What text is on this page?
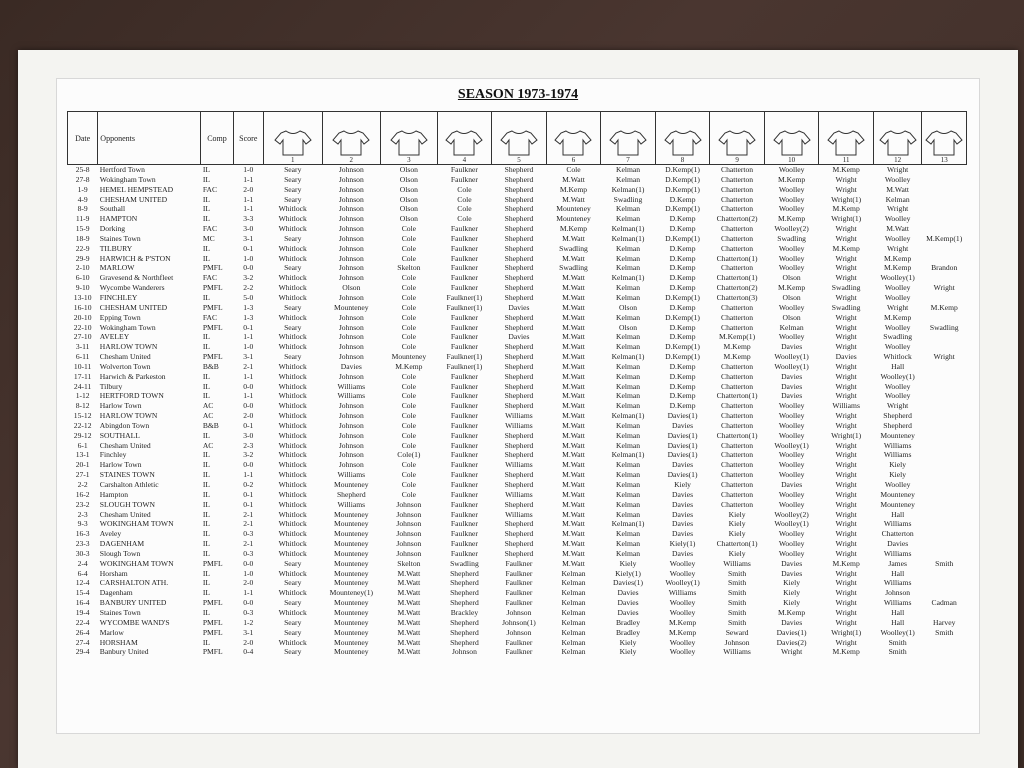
SEASON 1973-1974
Date	Opponents	Comp	Score	1	2	3	4	5	6	7	8	9	10	11	12	13

25-8	Hertford Town	IL	1-0	Seary	Johnson	Olson	Faulkner	Shepherd	Cole	Kelman	D.Kemp(1)	Chatterton	Woolley	M.Kemp	Wright	
27-8	Wokingham Town	IL	1-1	Seary	Johnson	Olson	Faulkner	Shepherd	M.Watt	Kelman	D.Kemp(1)	Chatterton	M.Kemp	Wright	Woolley	
1-9	HEMEL HEMPSTEAD	FAC	2-0	Seary	Johnson	Olson	Cole	Shepherd	M.Kemp	Kelman(1)	D.Kemp(1)	Chatterton	Woolley	Wright	M.Watt	
4-9	CHESHAM UNITED	IL	1-1	Seary	Johnson	Olson	Cole	Shepherd	M.Watt	Swadling	D.Kemp	Chatterton	Woolley	Wright(1)	Kelman	
8-9	Southall	IL	1-1	Whitlock	Johnson	Olson	Cole	Shepherd	Mounteney	Kelman	D.Kemp(1)	Chatterton	Woolley	M.Kemp	Wright	
11-9	HAMPTON	IL	3-3	Whitlock	Johnson	Olson	Cole	Shepherd	Mounteney	Kelman	D.Kemp	Chatterton(2)	M.Kemp	Wright(1)	Woolley	
15-9	Dorking	FAC	3-0	Whitlock	Johnson	Cole	Faulkner	Shepherd	M.Kemp	Kelman(1)	D.Kemp	Chatterton	Woolley(2)	Wright	M.Watt	
18-9	Staines Town	MC	3-1	Seary	Johnson	Cole	Faulkner	Shepherd	M.Watt	Kelman(1)	D.Kemp(1)	Chatterton	Swadling	Wright	Woolley	M.Kemp(1)
22-9	TILBURY	IL	0-1	Whitlock	Johnson	Cole	Faulkner	Shepherd	Swadling	Kelman	D.Kemp	Chatterton	Woolley	M.Kemp	Wright	
29-9	HARWICH & P'STON	IL	1-0	Whitlock	Johnson	Cole	Faulkner	Shepherd	M.Watt	Kelman	D.Kemp	Chatterton(1)	Woolley	Wright	M.Kemp	
2-10	MARLOW	PMFL	0-0	Seary	Johnson	Skelton	Faulkner	Shepherd	Swadling	Kelman	D.Kemp	Chatterton	Woolley	Wright	M.Kemp	Brandon
6-10	Gravesend & Northfleet	FAC	3-2	Whitlock	Johnson	Cole	Faulkner	Shepherd	M.Watt	Kelman(1)	D.Kemp	Chatterton(1)	Olson	Wright	Woolley(1)	
9-10	Wycombe Wanderers	PMFL	2-2	Whitlock	Olson	Cole	Faulkner	Shepherd	M.Watt	Kelman	D.Kemp	Chatterton(2)	M.Kemp	Swadling	Woolley	Wright
13-10	FINCHLEY	IL	5-0	Whitlock	Johnson	Cole	Faulkner(1)	Shepherd	M.Watt	Kelman	D.Kemp(1)	Chatterton(3)	Olson	Wright	Woolley	
16-10	CHESHAM UNITED	PMFL	1-3	Seary	Mounteney	Cole	Faulkner(1)	Davies	M.Watt	Olson	D.Kemp	Chatterton	Woolley	Swadling	Wright	M.Kemp
20-10	Epping Town	FAC	1-3	Whitlock	Johnson	Cole	Faulkner	Shepherd	M.Watt	Kelman	D.Kemp(1)	Chatterton	Olson	Wright	M.Kemp	
22-10	Wokingham Town	PMFL	0-1	Seary	Johnson	Cole	Faulkner	Shepherd	M.Watt	Olson	D.Kemp	Chatterton	Kelman	Wright	Woolley	Swadling
27-10	AVELEY	IL	1-1	Whitlock	Johnson	Cole	Faulkner	Davies	M.Watt	Kelman	D.Kemp	M.Kemp(1)	Woolley	Wright	Swadling	
3-11	HARLOW TOWN	IL	1-0	Whitlock	Johnson	Cole	Faulkner	Shepherd	M.Watt	Kelman	D.Kemp(1)	M.Kemp	Davies	Wright	Woolley	
6-11	Chesham United	PMFL	3-1	Seary	Johnson	Mounteney	Faulkner(1)	Shepherd	M.Watt	Kelman(1)	D.Kemp(1)	M.Kemp	Woolley(1)	Davies	Whitlock	Wright
10-11	Wolverton Town	B&B	2-1	Whitlock	Davies	M.Kemp	Faulkner(1)	Shepherd	M.Watt	Kelman	D.Kemp	Chatterton	Woolley(1)	Wright	Hall	
17-11	Harwich & Parkeston	IL	1-1	Whitlock	Johnson	Cole	Faulkner	Shepherd	M.Watt	Kelman	D.Kemp	Chatterton	Davies	Wright	Woolley(1)	
24-11	Tilbury	IL	0-0	Whitlock	Williams	Cole	Faulkner	Shepherd	M.Watt	Kelman	D.Kemp	Chatterton	Davies	Wright	Woolley	
1-12	HERTFORD TOWN	IL	1-1	Whitlock	Williams	Cole	Faulkner	Shepherd	M.Watt	Kelman	D.Kemp	Chatterton(1)	Davies	Wright	Woolley	
8-12	Harlow Town	AC	0-0	Whitlock	Johnson	Cole	Faulkner	Shepherd	M.Watt	Kelman	D.Kemp	Chatterton	Woolley	Williams	Wright	
15-12	HARLOW TOWN	AC	2-0	Whitlock	Johnson	Cole	Faulkner	Williams	M.Watt	Kelman(1)	Davies(1)	Chatterton	Woolley	Wright	Shepherd	
22-12	Abingdon Town	B&B	0-1	Whitlock	Johnson	Cole	Faulkner	Williams	M.Watt	Kelman	Davies	Chatterton	Woolley	Wright	Shepherd	
29-12	SOUTHALL	IL	3-0	Whitlock	Johnson	Cole	Faulkner	Shepherd	M.Watt	Kelman	Davies(1)	Chatterton(1)	Woolley	Wright(1)	Mounteney	
6-1	Chesham United	AC	2-3	Whitlock	Johnson	Cole	Faulkner	Shepherd	M.Watt	Kelman	Davies(1)	Chatterton	Woolley(1)	Wright	Williams	
13-1	Finchley	IL	3-2	Whitlock	Johnson	Cole(1)	Faulkner	Shepherd	M.Watt	Kelman(1)	Davies(1)	Chatterton	Woolley	Wright	Williams	
20-1	Harlow Town	IL	0-0	Whitlock	Johnson	Cole	Faulkner	Williams	M.Watt	Kelman	Davies	Chatterton	Woolley	Wright	Kiely	
27-1	STAINES TOWN	IL	1-1	Whitlock	Williams	Cole	Faulkner	Shepherd	M.Watt	Kelman	Davies(1)	Chatterton	Woolley	Wright	Kiely	
2-2	Carshalton Athletic	IL	0-2	Whitlock	Mounteney	Cole	Faulkner	Shepherd	M.Watt	Kelman	Kiely	Chatterton	Davies	Wright	Woolley	
16-2	Hampton	IL	0-1	Whitlock	Shepherd	Cole	Faulkner	Williams	M.Watt	Kelman	Davies	Chatterton	Woolley	Wright	Mounteney	
23-2	SLOUGH TOWN	IL	0-1	Whitlock	Williams	Johnson	Faulkner	Shepherd	M.Watt	Kelman	Davies	Chatterton	Woolley	Wright	Mounteney	
2-3	Chesham United	IL	2-1	Whitlock	Mounteney	Johnson	Faulkner	Williams	M.Watt	Kelman	Davies	Kiely	Woolley(2)	Wright	Hall	
9-3	WOKINGHAM TOWN	IL	2-1	Whitlock	Mounteney	Johnson	Faulkner	Shepherd	M.Watt	Kelman(1)	Davies	Kiely	Woolley(1)	Wright	Williams	
16-3	Aveley	IL	0-3	Whitlock	Mounteney	Johnson	Faulkner	Shepherd	M.Watt	Kelman	Davies	Kiely	Woolley	Wright	Chatterton	
23-3	DAGENHAM	IL	2-1	Whitlock	Mounteney	Johnson	Faulkner	Shepherd	M.Watt	Kelman	Kiely(1)	Chatterton(1)	Woolley	Wright	Davies	
30-3	Slough Town	IL	0-3	Whitlock	Mounteney	Johnson	Faulkner	Shepherd	M.Watt	Kelman	Davies	Kiely	Woolley	Wright	Williams	
2-4	WOKINGHAM TOWN	PMFL	0-0	Seary	Mounteney	Skelton	Swadling	Faulkner	M.Watt	Kiely	Woolley	Williams	Davies	M.Kemp	James	Smith
6-4	Horsham	IL	1-0	Whitlock	Mounteney	M.Watt	Shepherd	Faulkner	Kelman	Kiely(1)	Woolley	Smith	Davies	Wright	Hall	
12-4	CARSHALTON ATH.	IL	2-0	Seary	Mounteney	M.Watt	Shepherd	Faulkner	Kelman	Davies(1)	Woolley(1)	Smith	Kiely	Wright	Williams	
15-4	Dagenham	IL	1-1	Whitlock	Mounteney(1)	M.Watt	Shepherd	Faulkner	Kelman	Davies	Williams	Smith	Kiely	Wright	Johnson	
16-4	BANBURY UNITED	PMFL	0-0	Seary	Mounteney	M.Watt	Shepherd	Faulkner	Kelman	Davies	Woolley	Smith	Kiely	Wright	Williams	Cadman
19-4	Staines Town	IL	0-3	Whitlock	Mounteney	M.Watt	Brackley	Johnson	Kelman	Davies	Woolley	Smith	M.Kemp	Wright	Hall	
22-4	WYCOMBE WAND'S	PMFL	1-2	Seary	Mounteney	M.Watt	Shepherd	Johnson(1)	Kelman	Bradley	M.Kemp	Smith	Davies	Wright	Hall	Harvey
26-4	Marlow	PMFL	3-1	Seary	Mounteney	M.Watt	Shepherd	Johnson	Kelman	Bradley	M.Kemp	Seward	Davies(1)	Wright(1)	Woolley(1)	Smith
27-4	HORSHAM	IL	2-0	Whitlock	Mounteney	M.Watt	Shepherd	Faulkner	Kelman	Kiely	Woolley	Johnson	Davies(2)	Wright	Smith	
29-4	Banbury United	PMFL	0-4	Seary	Mounteney	M.Watt	Johnson	Faulkner	Kelman	Kiely	Woolley	Williams	Wright	M.Kemp	Smith	
